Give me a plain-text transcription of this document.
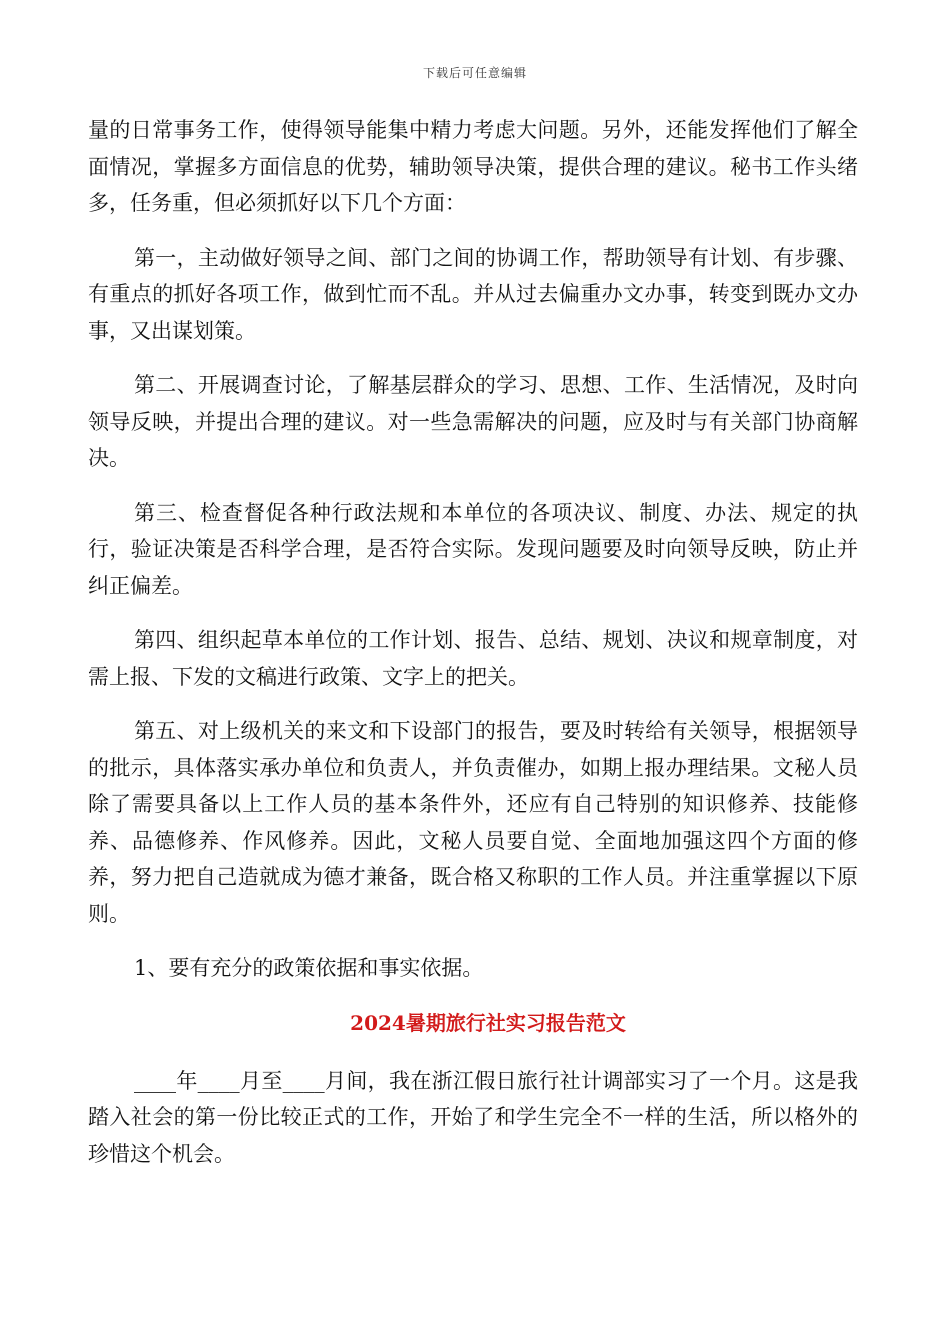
下载后可任意编辑

量的日常事务工作，使得领导能集中精力考虑大问题。另外，还能发挥他们了解全面情况，掌握多方面信息的优势，辅助领导决策，提供合理的建议。秘书工作头绪多，任务重，但必须抓好以下几个方面：

第一，主动做好领导之间、部门之间的协调工作，帮助领导有计划、有步骤、有重点的抓好各项工作，做到忙而不乱。并从过去偏重办文办事，转变到既办文办事，又出谋划策。

第二、开展调查讨论，了解基层群众的学习、思想、工作、生活情况，及时向领导反映，并提出合理的建议。对一些急需解决的问题，应及时与有关部门协商解决。

第三、检查督促各种行政法规和本单位的各项决议、制度、办法、规定的执行，验证决策是否科学合理，是否符合实际。发现问题要及时向领导反映，防止并纠正偏差。

第四、组织起草本单位的工作计划、报告、总结、规划、决议和规章制度，对需上报、下发的文稿进行政策、文字上的把关。

第五、对上级机关的来文和下设部门的报告，要及时转给有关领导，根据领导的批示，具体落实承办单位和负责人，并负责催办，如期上报办理结果。文秘人员除了需要具备以上工作人员的基本条件外，还应有自己特别的知识修养、技能修养、品德修养、作风修养。因此，文秘人员要自觉、全面地加强这四个方面的修养，努力把自己造就成为德才兼备，既合格又称职的工作人员。并注重掌握以下原则。

1、要有充分的政策依据和事实依据。

2024暑期旅行社实习报告范文

____年____月至____月间，我在浙江假日旅行社计调部实习了一个月。这是我踏入社会的第一份比较正式的工作，开始了和学生完全不一样的生活，所以格外的珍惜这个机会。
